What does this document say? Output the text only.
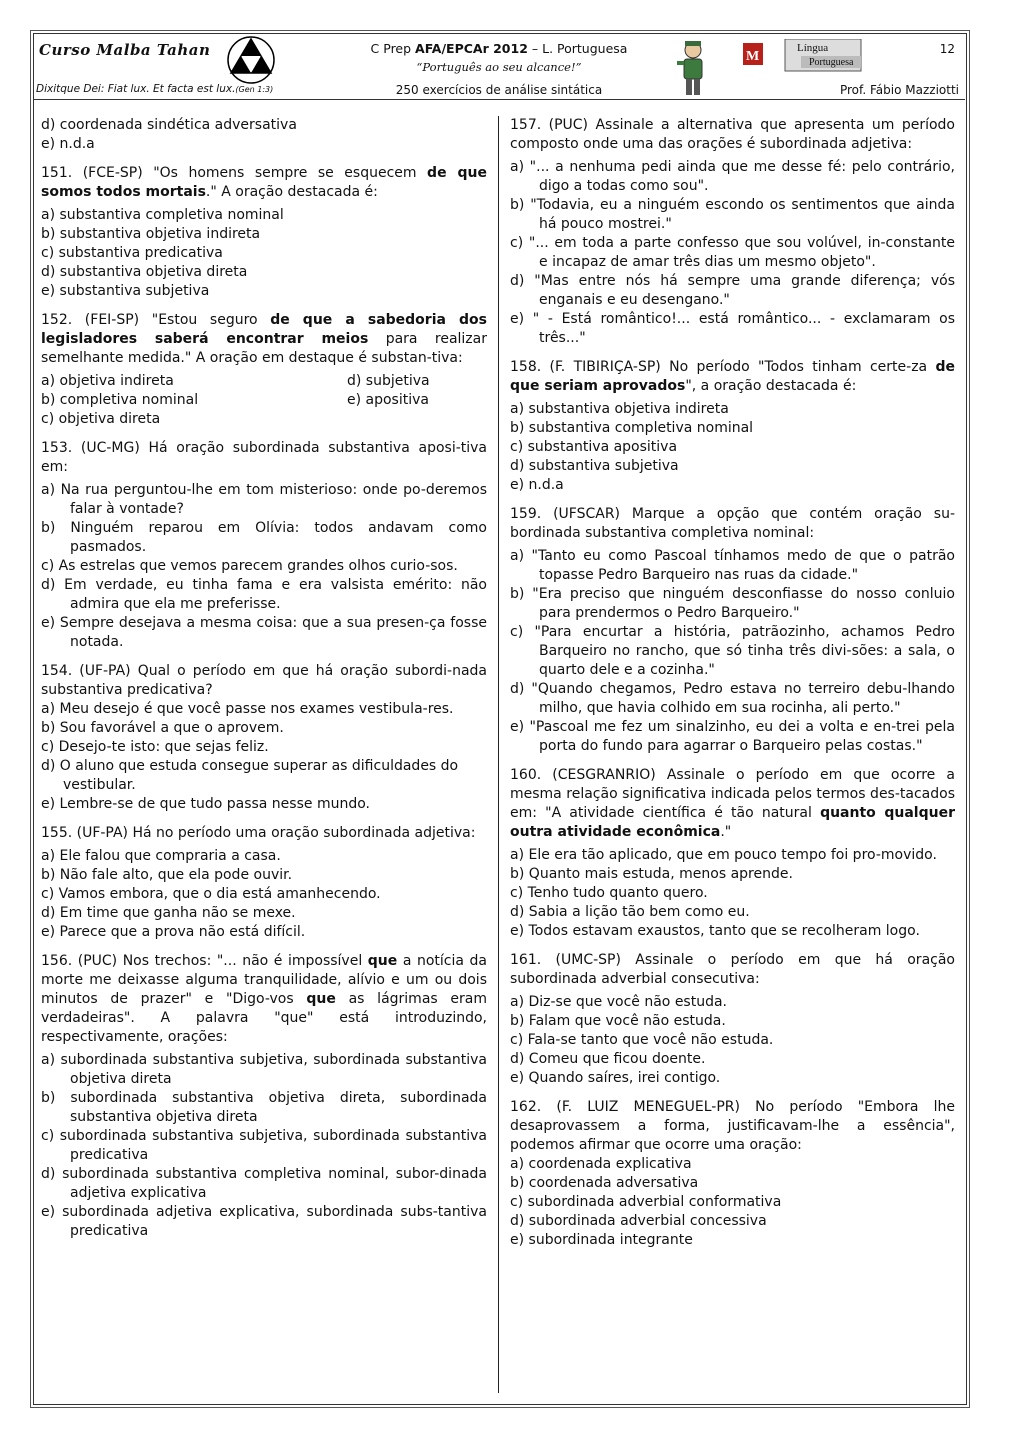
Curso Malba Tahan
Dixitque Dei: Fiat lux. Et facta est lux.(Gen 1:3)
C Prep AFA/EPCAr 2012 – L. Portuguesa
“Português ao seu alcance!”
250 exercícios de análise sintática	Prof. Fábio Mazziotti
12
M
Língua
Portuguesa

d) coordenada sindética adversativa

e) n.d.a

151. (FCE-SP) "Os homens sempre se esquecem de que somos todos mortais." A oração destacada é:

a) substantiva completiva nominal

b) substantiva objetiva indireta

c) substantiva predicativa

d) substantiva objetiva direta

e) substantiva subjetiva

152. (FEI-SP) "Estou seguro de que a sabedoria dos legisladores saberá encontrar meios para realizar semelhante medida." A oração em destaque é substan-tiva:

a) objetiva indireta

b) completiva nominal

c) objetiva direta

d) subjetiva

e) apositiva

153. (UC-MG) Há oração subordinada substantiva aposi-tiva em:

a) Na rua perguntou-lhe em tom misterioso: onde po-deremos falar à vontade?

b) Ninguém reparou em Olívia: todos andavam como pasmados.

c) As estrelas que vemos parecem grandes olhos curio-sos.

d) Em verdade, eu tinha fama e era valsista emérito: não admira que ela me preferisse.

e) Sempre desejava a mesma coisa: que a sua presen-ça fosse notada.

154. (UF-PA) Qual o período em que há oração subordi-nada substantiva predicativa?

a) Meu desejo é que você passe nos exames vestibula-res.

b) Sou favorável a que o aprovem.

c) Desejo-te isto: que sejas feliz.

d) O aluno que estuda consegue superar as dificuldades do vestibular.

e) Lembre-se de que tudo passa nesse mundo.

155. (UF-PA) Há no período uma oração subordinada adjetiva:

a) Ele falou que compraria a casa.

b) Não fale alto, que ela pode ouvir.

c) Vamos embora, que o dia está amanhecendo.

d) Em time que ganha não se mexe.

e) Parece que a prova não está difícil.

156. (PUC) Nos trechos: "... não é impossível que a notícia da morte me deixasse alguma tranquilidade, alívio e um ou dois minutos de prazer" e "Digo-vos que as lágrimas eram verdadeiras". A palavra "que" está introduzindo, respectivamente, orações:

a) subordinada substantiva subjetiva, subordinada substantiva objetiva direta

b) subordinada substantiva objetiva direta, subordinada substantiva objetiva direta

c) subordinada substantiva subjetiva, subordinada substantiva predicativa

d) subordinada substantiva completiva nominal, subor-dinada adjetiva explicativa

e) subordinada adjetiva explicativa, subordinada subs-tantiva predicativa

157. (PUC) Assinale a alternativa que apresenta um período composto onde uma das orações é subordinada adjetiva:

a) "... a nenhuma pedi ainda que me desse fé: pelo contrário, digo a todas como sou".

b) "Todavia, eu a ninguém escondo os sentimentos que ainda há pouco mostrei."

c) "... em toda a parte confesso que sou volúvel, in-constante e incapaz de amar três dias um mesmo objeto".

d) "Mas entre nós há sempre uma grande diferença; vós enganais e eu desengano."

e) " - Está romântico!... está romântico... - exclamaram os três..."

158. (F. TIBIRIÇA-SP) No período "Todos tinham certe-za de que seriam aprovados", a oração destacada é:

a) substantiva objetiva indireta

b) substantiva completiva nominal

c) substantiva apositiva

d) substantiva subjetiva

e) n.d.a

159. (UFSCAR) Marque a opção que contém oração su-bordinada substantiva completiva nominal:

a) "Tanto eu como Pascoal tínhamos medo de que o patrão topasse Pedro Barqueiro nas ruas da cidade."

b) "Era preciso que ninguém desconfiasse do nosso conluio para prendermos o Pedro Barqueiro."

c) "Para encurtar a história, patrãozinho, achamos Pedro Barqueiro no rancho, que só tinha três divi-sões: a sala, o quarto dele e a cozinha."

d) "Quando chegamos, Pedro estava no terreiro debu-lhando milho, que havia colhido em sua rocinha, ali perto."

e) "Pascoal me fez um sinalzinho, eu dei a volta e en-trei pela porta do fundo para agarrar o Barqueiro pelas costas."

160. (CESGRANRIO) Assinale o período em que ocorre a mesma relação significativa indicada pelos termos des-tacados em: "A atividade científica é tão natural quanto qualquer outra atividade econômica."

a) Ele era tão aplicado, que em pouco tempo foi pro-movido.

b) Quanto mais estuda, menos aprende.

c) Tenho tudo quanto quero.

d) Sabia a lição tão bem como eu.

e) Todos estavam exaustos, tanto que se recolheram logo.

161. (UMC-SP) Assinale o período em que há oração subordinada adverbial consecutiva:

a) Diz-se que você não estuda.

b) Falam que você não estuda.

c) Fala-se tanto que você não estuda.

d) Comeu que ficou doente.

e) Quando saíres, irei contigo.

162. (F. LUIZ MENEGUEL-PR) No período "Embora lhe desaprovassem a forma, justificavam-lhe a essência", podemos afirmar que ocorre uma oração:

a) coordenada explicativa

b) coordenada adversativa

c) subordinada adverbial conformativa

d) subordinada adverbial concessiva

e) subordinada integrante
